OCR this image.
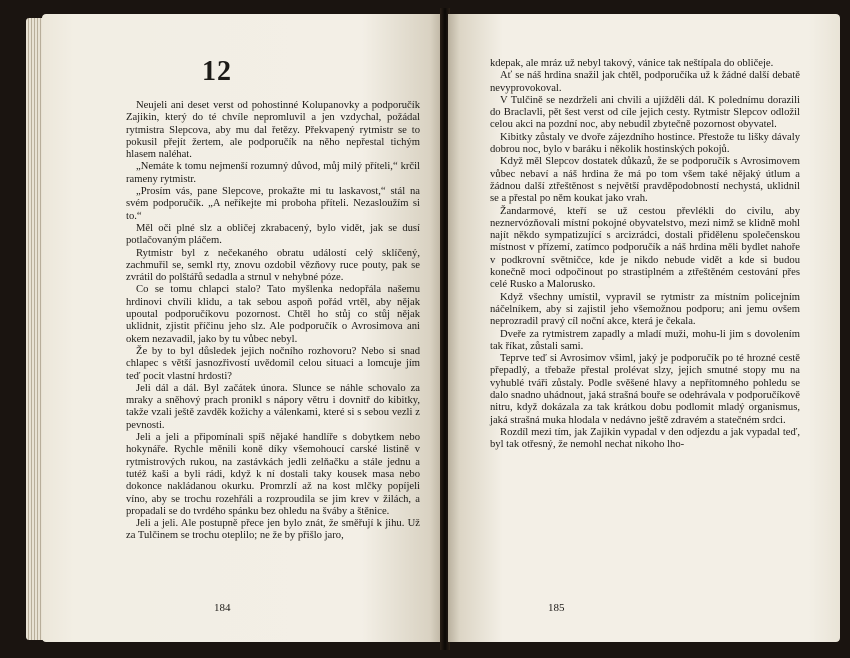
12

Neujeli ani deset verst od pohostinné Kolupanovky a podporučík Zajikin, který do té chvíle nepromluvil a jen vzdychal, požádal rytmistra Slepcova, aby mu dal řetězy. Překvapený rytmistr se to pokusil přejít žertem, ale podporučík na něho nepřestal tichým hlasem naléhat.

„Nemáte k tomu nejmenší rozumný důvod, můj milý příteli,“ krčil rameny rytmistr.

„Prosím vás, pane Slepcove, prokažte mi tu laskavost,“ stál na svém podporučík. „A neříkejte mi proboha příteli. Nezasloužím si to.“

Měl oči plné slz a obličej zkrabacený, bylo vidět, jak se dusí potlačovaným pláčem.

Rytmistr byl z nečekaného obratu událostí celý sklíčený, zachmuřil se, semkl rty, znovu ozdobil vězňovy ruce pouty, pak se zvrátil do polštářů sedadla a strnul v nehybné póze.

Co se tomu chlapci stalo? Tato myšlenka nedopřála našemu hrdinovi chvíli klidu, a tak sebou aspoň pořád vrtěl, aby nějak upoutal podporučíkovu pozornost. Chtěl ho stůj co stůj nějak uklidnit, zjistit příčinu jeho slz. Ale podporučík o Avrosimova ani okem nezavadil, jako by tu vůbec nebyl.

Že by to byl důsledek jejich nočního rozhovoru? Nebo si snad chlapec s větší jasnozřivostí uvědomil celou situaci a lomcuje jím teď pocit vlastní hrdosti?

Jeli dál a dál. Byl začátek února. Slunce se náhle schovalo za mraky a sněhový prach pronikl s nápory větru i dovnitř do kibitky, takže vzali ještě zavděk kožichy a válenkami, které si s sebou vezli z pevnosti.

Jeli a jeli a připomínali spíš nějaké handlíře s dobytkem nebo hokynáře. Rychle měnili koně díky všemohoucí carské listině v rytmistrových rukou, na zastávkách jedli zelňačku a stále jednu a tutéž kaši a byli rádi, když k ní dostali taky kousek masa nebo dokonce nakládanou okurku. Promrzlí až na kost mlčky popíjeli víno, aby se trochu rozehřáli a rozproudila se jim krev v žilách, a propadali se do tvrdého spánku bez ohledu na šváby a štěnice.

Jeli a jeli. Ale postupně přece jen bylo znát, že směřují k jihu. Už za Tulčinem se trochu oteplilo; ne že by přišlo jaro,

184

kdepak, ale mráz už nebyl takový, vánice tak neštípala do obličeje.

Ať se náš hrdina snažil jak chtěl, podporučíka už k žádné další debatě nevyprovokoval.

V Tulčině se nezdrželi ani chvili a ujížděli dál. K polednímu dorazili do Braclavli, pět šest verst od cíle jejich cesty. Rytmistr Slepcov odložil celou akci na pozdní noc, aby nebudil zbytečně pozornost obyvatel.

Kibitky zůstaly ve dvoře zájezdního hostince. Přestože tu lišky dávaly dobrou noc, bylo v baráku i několik hostinských pokojů.

Když měl Slepcov dostatek důkazů, že se podporučík s Avrosimovem vůbec nebaví a náš hrdina že má po tom všem také nějaký útlum a žádnou další ztřeštěnost s největší pravděpodobností nechystá, uklidnil se a přestal po něm koukat jako vrah.

Žandarmové, kteří se už cestou převlékli do civilu, aby neznervózňovali místní pokojné obyvatelstvo, mezi nimž se klidně mohl najít někdo sympatizující s arcizrádci, dostali přidělenu společenskou místnost v přízemí, zatímco podporučík a náš hrdina měli bydlet nahoře v podkrovní světničce, kde je nikdo nebude vidět a kde si budou konečně moci odpočinout po strastiplném a ztřeštěném cestování přes celé Rusko a Malorusko.

Když všechny umístil, vypravil se rytmistr za místním policejním náčelníkem, aby si zajistil jeho všemožnou podporu; ani jemu ovšem neprozradil pravý cíl noční akce, která je čekala.

Dveře za rytmistrem zapadly a mladí muži, mohu-li jim s dovolením tak říkat, zůstali sami.

Teprve teď si Avrosimov všiml, jaký je podporučík po té hrozné cestě přepadlý, a třebaže přestal prolévat slzy, jejich smutné stopy mu na vyhublé tváři zůstaly. Podle svěšené hlavy a nepřítomného pohledu se dalo snadno uhádnout, jaká strašná bouře se odehrávala v podporučíkově nitru, když dokázala za tak krátkou dobu podlomit mladý organismus, jaká strašná muka hlodala v nedávno ještě zdravém a statečném srdci.

Rozdíl mezi tím, jak Zajikin vypadal v den odjezdu a jak vypadal teď, byl tak otřesný, že nemohl nechat nikoho lho-

185
